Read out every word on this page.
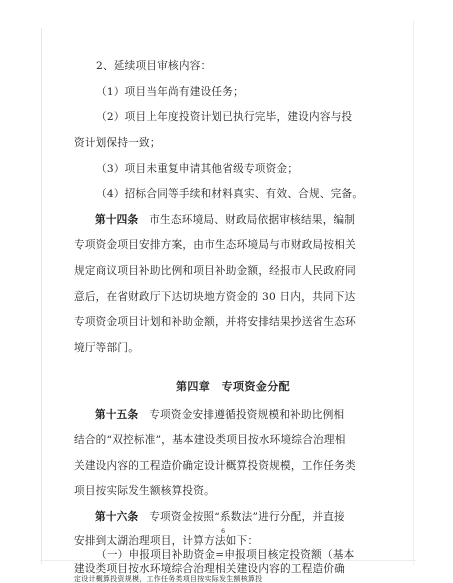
2、延续项目审核内容：
（1）项目当年尚有建设任务；
（2）项目上年度投资计划已执行完毕，建设内容与投
资计划保持一致；
（3）项目未重复申请其他省级专项资金；
（4）招标合同等手续和材料真实、有效、合规、完备。
第十四条　 市生态环境局、财政局依据审核结果，编制
专项资金项目安排方案，由市生态环境局与市财政局按相关
规定商议项目补助比例和项目补助金额，经报市人民政府同
意后，在省财政厅下达切块地方资金的 30 日内，共同下达
专项资金项目计划和补助金额，并将安排结果抄送省生态环
境厅等部门。
第四章　专项资金分配
第十五条　 专项资金安排遵循投资规模和补助比例相
结合的“双控标准”，基本建设类项目按水环境综合治理相
关建设内容的工程造价确定设计概算投资规模，工作任务类
项目按实际发生额核算投资。
第十六条　 专项资金按照“系数法”进行分配，并直接
安排到太湖治理项目，计算方法如下：
（一）申报项目补助资金=申报项目核定投资额（基本
建设类项目按水环境综合治理相关建设内容的工程造价确
定设计概算投资规模，工作任务类项目按实际发生额核算投
6
